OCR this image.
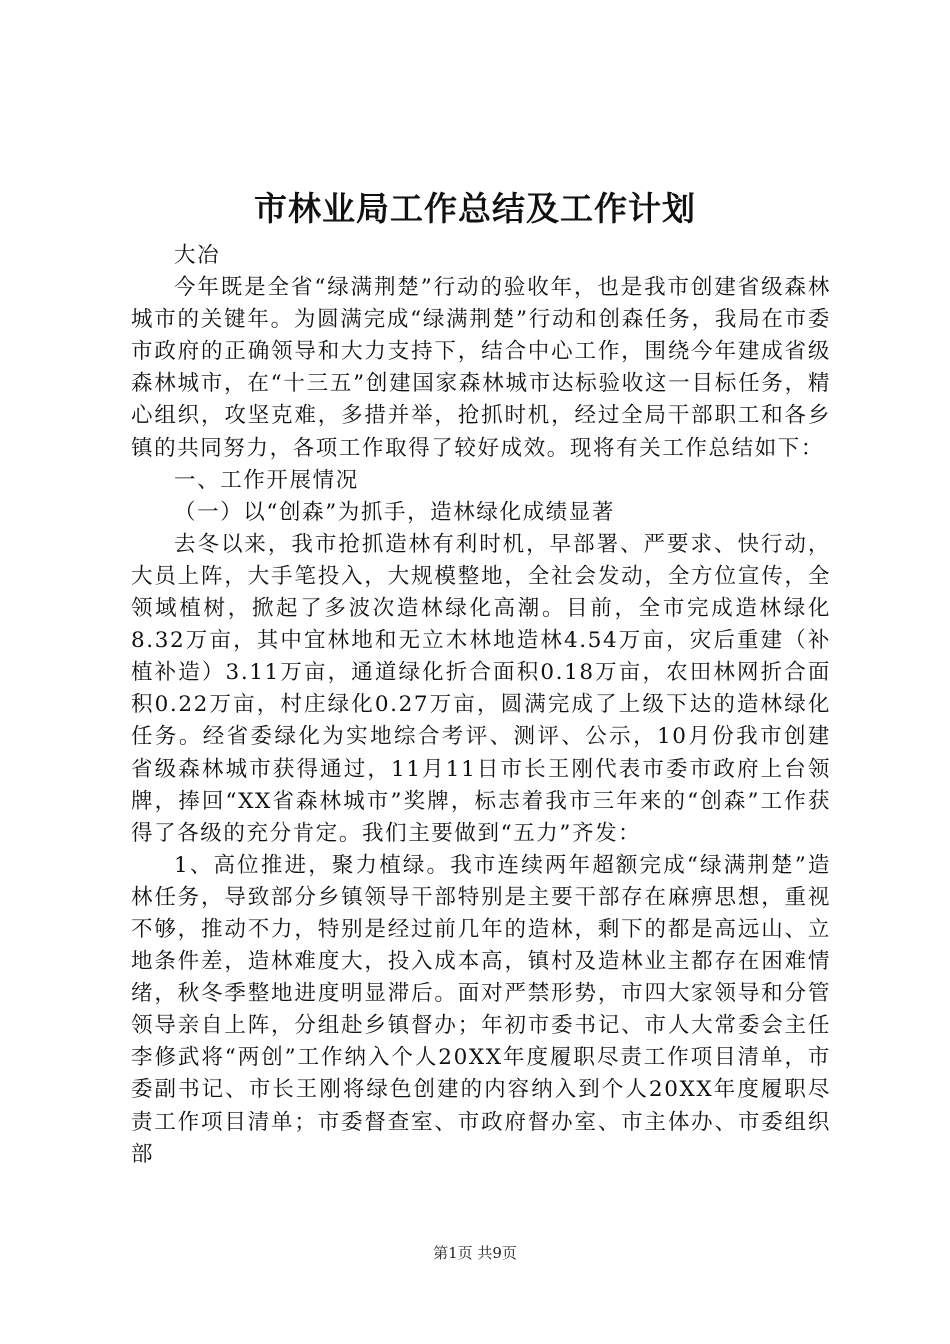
市林业局工作总结及工作计划

大冶

今年既是全省“绿满荆楚”行动的验收年，也是我市创建省级森林城市的关键年。为圆满完成“绿满荆楚”行动和创森任务，我局在市委市政府的正确领导和大力支持下，结合中心工作，围绕今年建成省级森林城市，在“十三五”创建国家森林城市达标验收这一目标任务，精心组织，攻坚克难，多措并举，抢抓时机，经过全局干部职工和各乡镇的共同努力，各项工作取得了较好成效。现将有关工作总结如下：

一、工作开展情况

（一）以“创森”为抓手，造林绿化成绩显著

去冬以来，我市抢抓造林有利时机，早部署、严要求、快行动，大员上阵，大手笔投入，大规模整地，全社会发动，全方位宣传，全领域植树，掀起了多波次造林绿化高潮。目前，全市完成造林绿化8.32万亩，其中宜林地和无立木林地造林4.54万亩，灾后重建（补植补造）3.11万亩，通道绿化折合面积0.18万亩，农田林网折合面积0.22万亩，村庄绿化0.27万亩，圆满完成了上级下达的造林绿化任务。经省委绿化为实地综合考评、测评、公示，10月份我市创建省级森林城市获得通过，11月11日市长王刚代表市委市政府上台领牌，捧回“XX省森林城市”奖牌，标志着我市三年来的“创森”工作获得了各级的充分肯定。我们主要做到“五力”齐发：

1、高位推进，聚力植绿。我市连续两年超额完成“绿满荆楚”造林任务，导致部分乡镇领导干部特别是主要干部存在麻痹思想，重视不够，推动不力，特别是经过前几年的造林，剩下的都是高远山、立地条件差，造林难度大，投入成本高，镇村及造林业主都存在困难情绪，秋冬季整地进度明显滞后。面对严禁形势，市四大家领导和分管领导亲自上阵，分组赴乡镇督办；年初市委书记、市人大常委会主任李修武将“两创”工作纳入个人20XX年度履职尽责工作项目清单，市委副书记、市长王刚将绿色创建的内容纳入到个人20XX年度履职尽责工作项目清单；市委督查室、市政府督办室、市主体办、市委组织部

第1页 共9页
